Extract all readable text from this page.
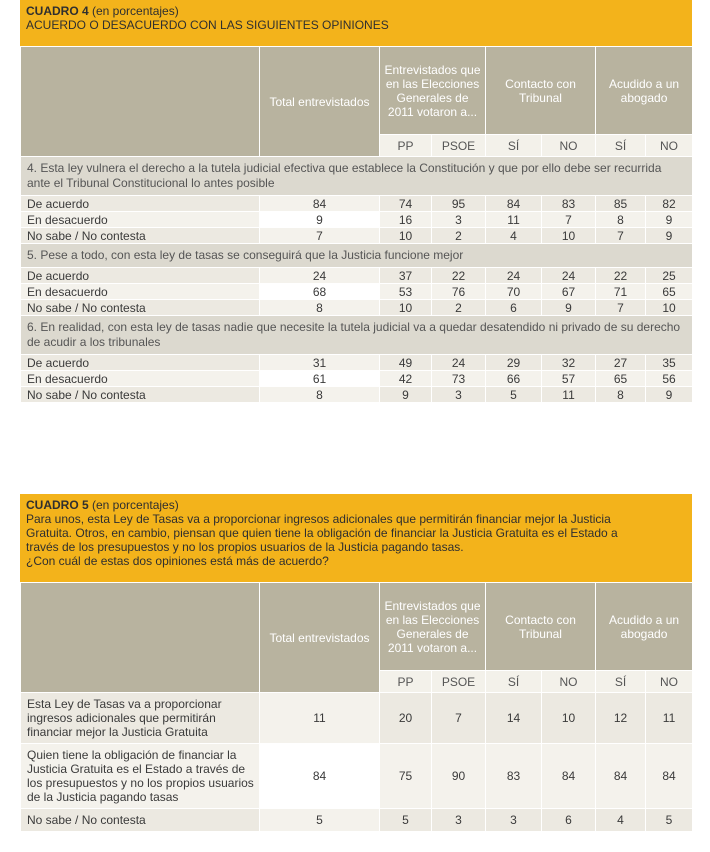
CUADRO 4 (en porcentajes)
ACUERDO O DESACUERDO CON LAS SIGUIENTES OPINIONES
	Total entrevistados	Entrevistados que en las Elecciones Generales de 2011 votaron a...		Contacto con Tribunal		Acudido a un abogado	
		PP	PSOE	SÍ	NO	SÍ	NO
4. Esta ley vulnera el derecho a la tutela judicial efectiva que establece la Constitución y que por ello debe ser recurrida ante el Tribunal Constitucional lo antes posible							
De acuerdo	84	74	95	84	83	85	82
En desacuerdo	9	16	3	11	7	8	9
No sabe / No contesta	7	10	2	4	10	7	9
5. Pese a todo, con esta ley de tasas se conseguirá que la Justicia funcione mejor							
De acuerdo	24	37	22	24	24	22	25
En desacuerdo	68	53	76	70	67	71	65
No sabe / No contesta	8	10	2	6	9	7	10
6. En realidad, con esta ley de tasas nadie que necesite la tutela judicial va a quedar desatendido ni privado de su derecho de acudir a los tribunales							
De acuerdo	31	49	24	29	32	27	35
En desacuerdo	61	42	73	66	57	65	56
No sabe / No contesta	8	9	3	5	11	8	9
CUADRO 5 (en porcentajes)
Para unos, esta Ley de Tasas va a proporcionar ingresos adicionales que permitirán financiar mejor la Justicia
Gratuita. Otros, en cambio, piensan que quien tiene la obligación de financiar la Justicia Gratuita es el Estado a
través de los presupuestos y no los propios usuarios de la Justicia pagando tasas.
¿Con cuál de estas dos opiniones está más de acuerdo?
	Total entrevistados	Entrevistados que en las Elecciones Generales de 2011 votaron a...		Contacto con Tribunal		Acudido a un abogado	
		PP	PSOE	SÍ	NO	SÍ	NO
Esta Ley de Tasas va a proporcionar ingresos adicionales que permitirán financiar mejor la Justicia Gratuita	11	20	7	14	10	12	11
Quien tiene la obligación de financiar la Justicia Gratuita es el Estado a través de los presupuestos y no los propios usuarios de la Justicia pagando tasas	84	75	90	83	84	84	84
No sabe / No contesta	5	5	3	3	6	4	5
